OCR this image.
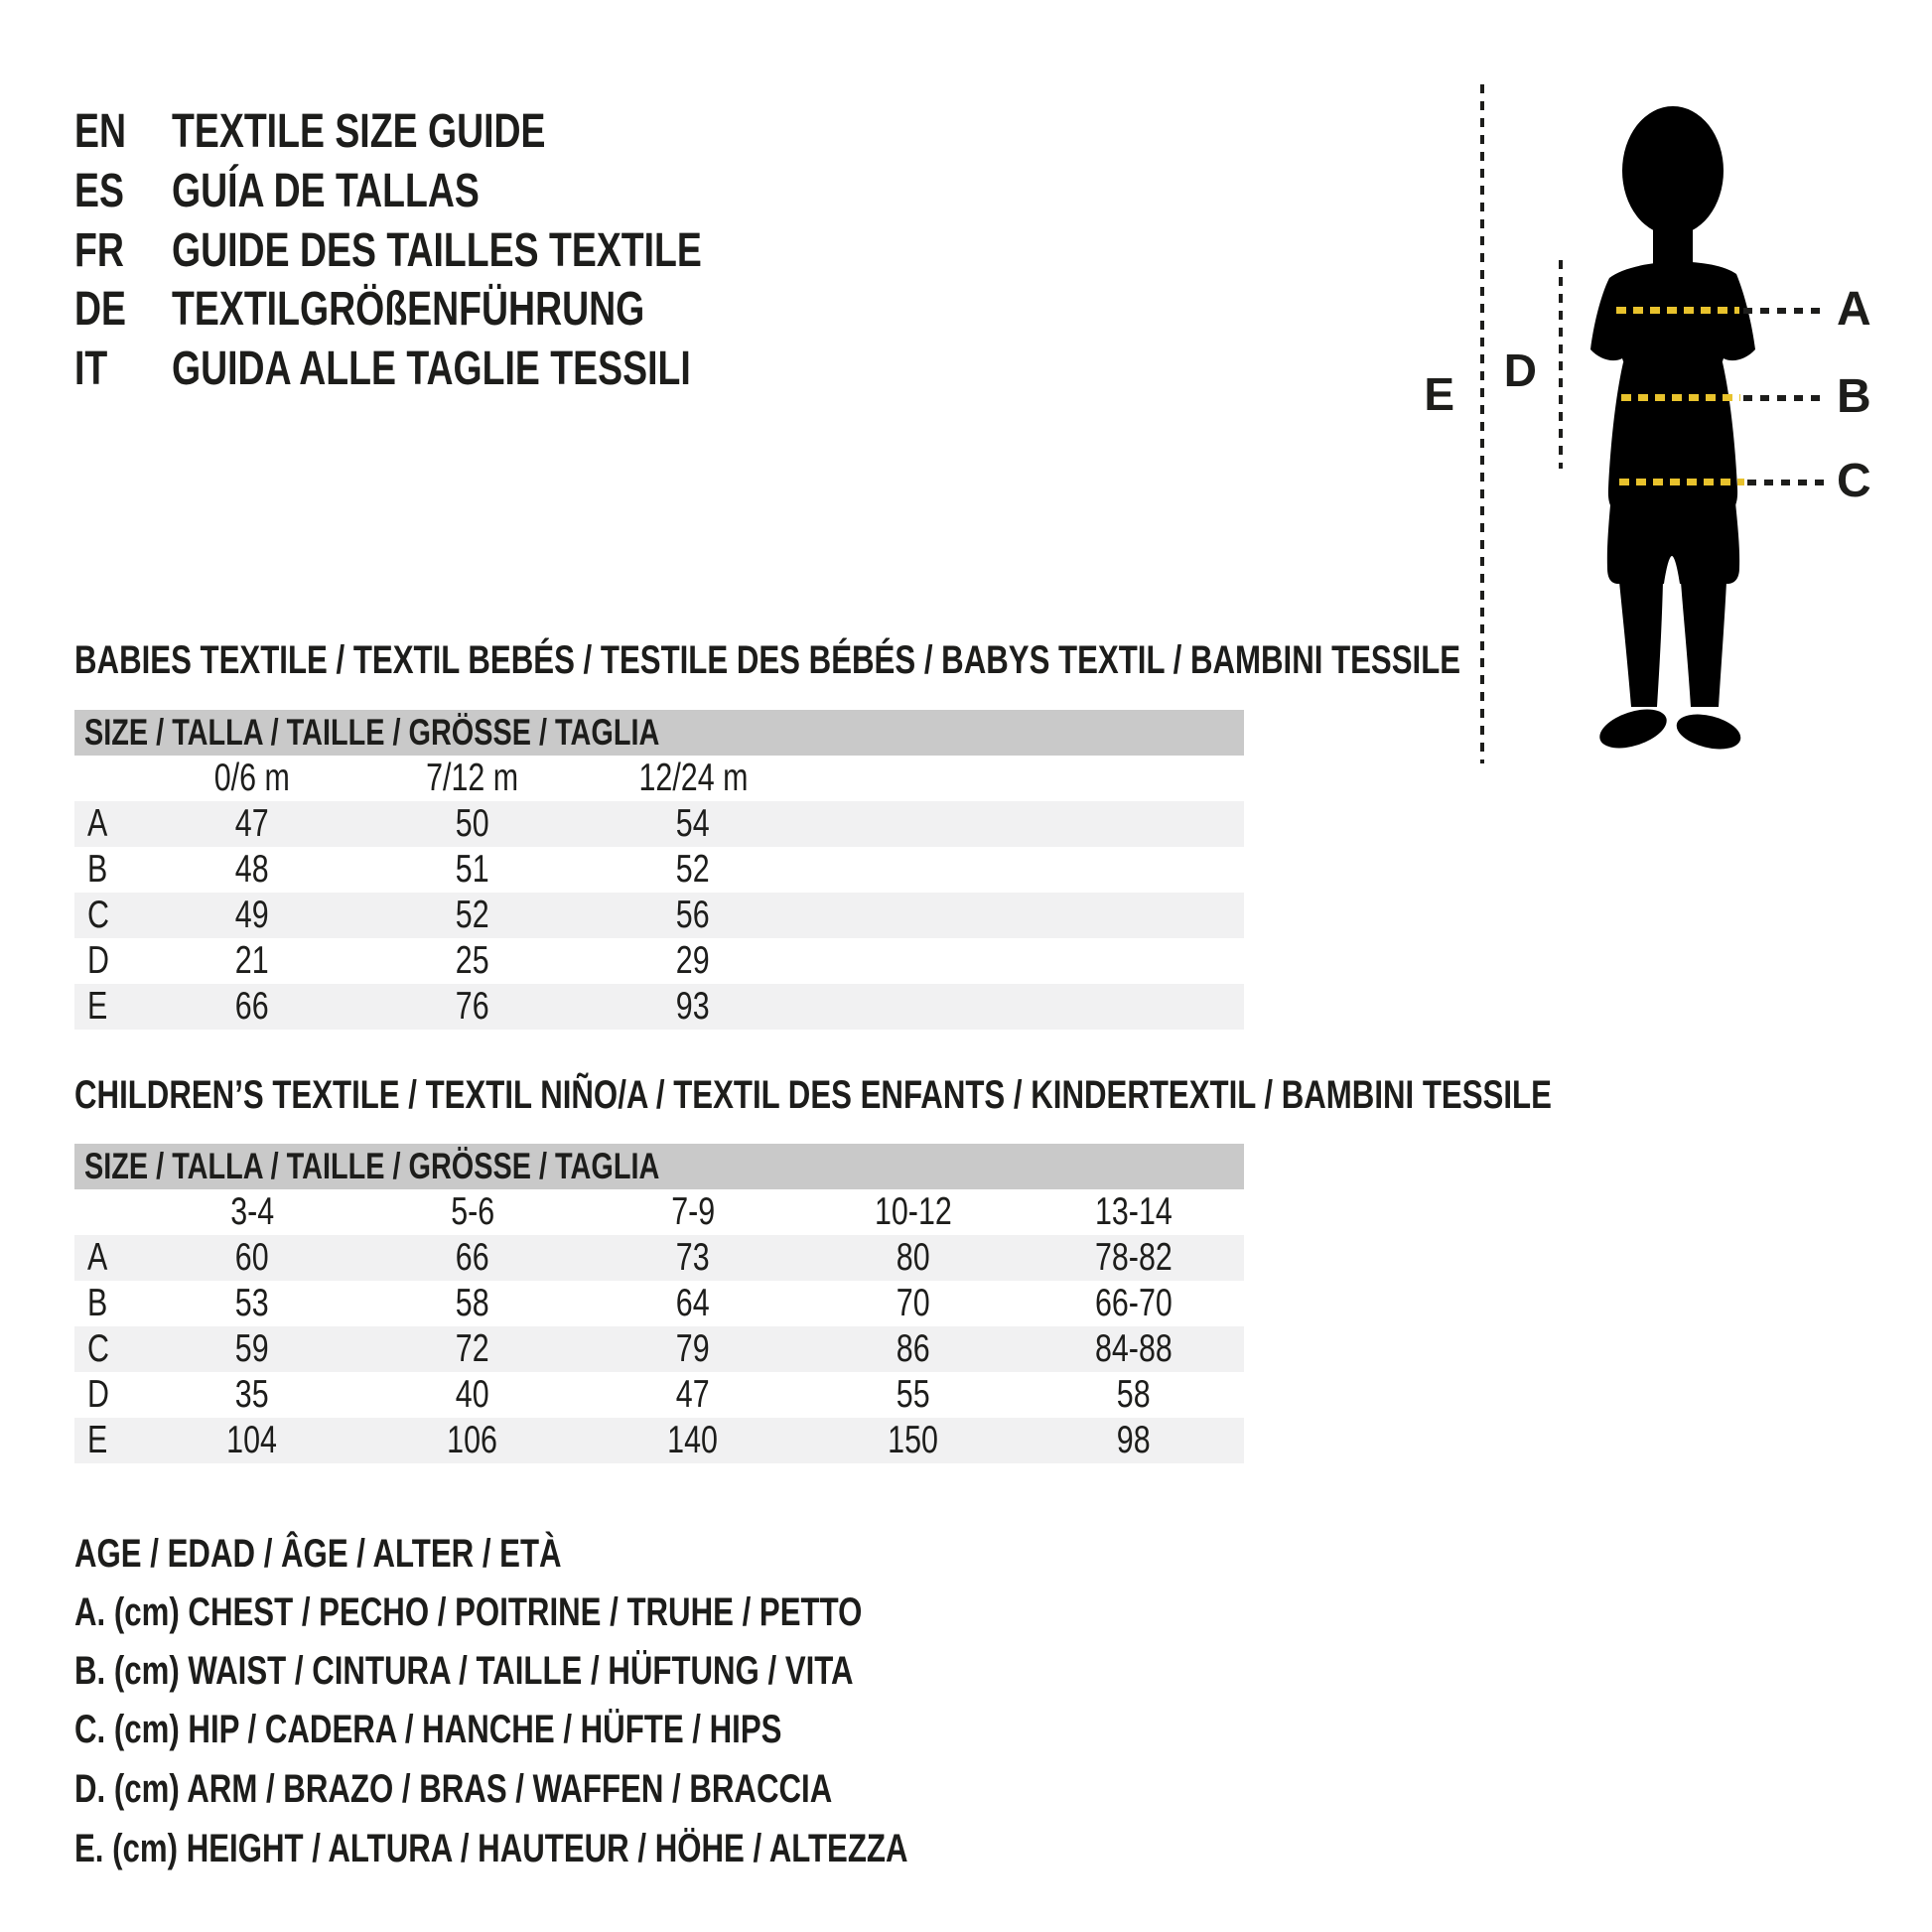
EN TEXTILE SIZE GUIDE
ES GUÍA DE TALLAS
FR GUIDE DES TAILLES TEXTILE
DE TEXTILGRÖßENFÜHRUNG
IT GUIDA ALLE TAGLIE TESSILI	E	D
A
B
C
BABIES TEXTILE / TEXTIL BEBÉS / TESTILE DES BÉBÉS / BABYS TEXTIL / BAMBINI TESSILE
SIZE / TALLA / TAILLE / GRÖSSE / TAGLIA
0/6 m	7/12 m	12/24 m
A	47	50	54
B	48	51	52
C	49	52	56
D	21	25	29
E	66	76	93
CHILDREN’S TEXTILE / TEXTIL NIÑO/A / TEXTIL DES ENFANTS / KINDERTEXTIL / BAMBINI TESSILE
SIZE / TALLA / TAILLE / GRÖSSE / TAGLIA
3-4	5-6	7-9	10-12	13-14
A	60	66	73	80	78-82
B	53	58	64	70	66-70
C	59	72	79	86	84-88
D	35	40	47	55	58
E	104	106	140	150	98
AGE / EDAD / ÂGE / ALTER / ETÀ
A. (cm) CHEST / PECHO / POITRINE / TRUHE / PETTO
B. (cm) WAIST / CINTURA / TAILLE / HÜFTUNG / VITA
C. (cm) HIP / CADERA / HANCHE / HÜFTE / HIPS
D. (cm) ARM / BRAZO / BRAS / WAFFEN / BRACCIA
E. (cm) HEIGHT / ALTURA / HAUTEUR / HÖHE / ALTEZZA
